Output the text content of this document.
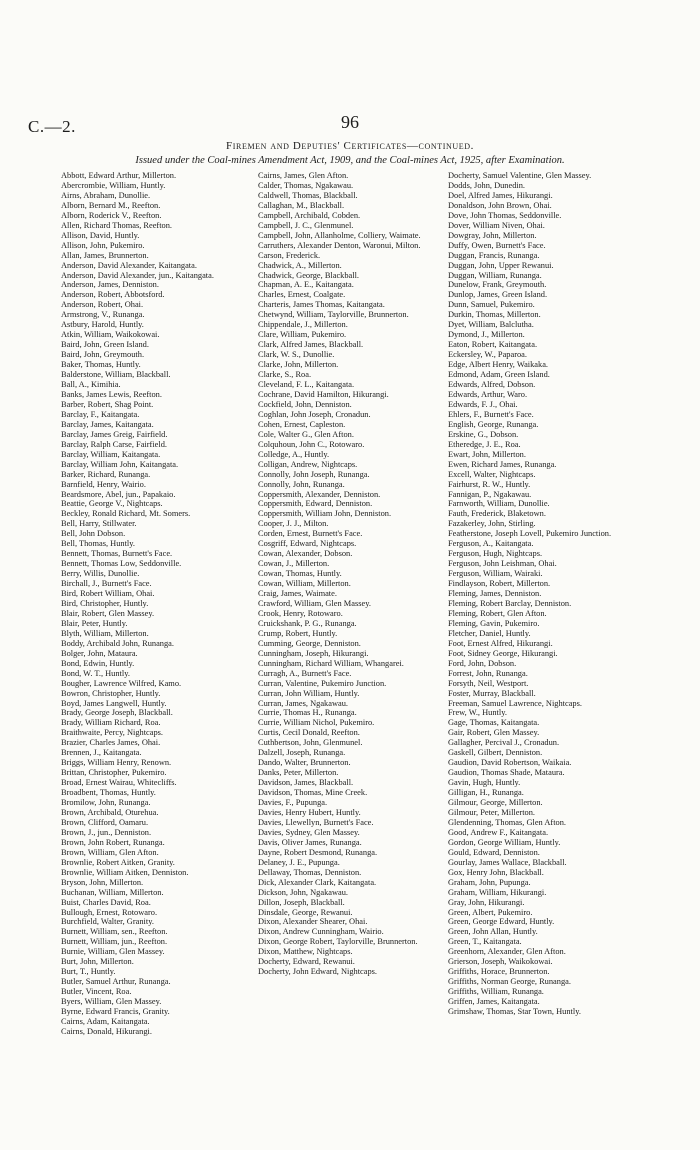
C.—2.	96
Firemen and Deputies' Certificates—continued.
Issued under the Coal-mines Amendment Act, 1909, and the Coal-mines Act, 1925, after Examination.
Abbott, Edward Arthur, Millerton.
Abercrombie, William, Huntly.
Airns, Abraham, Dunollie.
Alborn, Bernard M., Reefton.
Alborn, Roderick V., Reefton.
Allen, Richard Thomas, Reefton.
Allison, David, Huntly.
Allison, John, Pukemiro.
Allan, James, Brunnerton.
Anderson, David Alexander, Kaitangata.
Anderson, David Alexander, jun., Kaitangata.
Anderson, James, Denniston.
Anderson, Robert, Abbotsford.
Anderson, Robert, Ohai.
Armstrong, V., Runanga.
Astbury, Harold, Huntly.
Atkin, William, Waikokowai.
Baird, John, Green Island.
Baird, John, Greymouth.
Baker, Thomas, Huntly.
Balderstone, William, Blackball.
Ball, A., Kimihia.
Banks, James Lewis, Reefton.
Barber, Robert, Shag Point.
Barclay, F., Kaitangata.
Barclay, James, Kaitangata.
Barclay, James Greig, Fairfield.
Barclay, Ralph Carse, Fairfield.
Barclay, William, Kaitangata.
Barclay, William John, Kaitangata.
Barker, Richard, Runanga.
Barnfield, Henry, Wairio.
Beardsmore, Abel, jun., Papakaio.
Beattie, George V., Nightcaps.
Beckley, Ronald Richard, Mt. Somers.
Bell, Harry, Stillwater.
Bell, John Dobson.
Bell, Thomas, Huntly.
Bennett, Thomas, Burnett's Face.
Bennett, Thomas Low, Seddonville.
Berry, Willis, Dunollie.
Birchall, J., Burnett's Face.
Bird, Robert William, Ohai.
Bird, Christopher, Huntly.
Blair, Robert, Glen Massey.
Blair, Peter, Huntly.
Blyth, William, Millerton.
Boddy, Archibald John, Runanga.
Bolger, John, Mataura.
Bond, Edwin, Huntly.
Bond, W. T., Huntly.
Bougher, Lawrence Wilfred, Kamo.
Bowron, Christopher, Huntly.
Boyd, James Langwell, Huntly.
Brady, George Joseph, Blackball.
Brady, William Richard, Roa.
Braithwaite, Percy, Nightcaps.
Brazier, Charles James, Ohai.
Brennen, J., Kaitangata.
Briggs, William Henry, Renown.
Brittan, Christopher, Pukemiro.
Broad, Ernest Wairau, Whitecliffs.
Broadbent, Thomas, Huntly.
Bromilow, John, Runanga.
Brown, Archibald, Oturehua.
Brown, Clifford, Oamaru.
Brown, J., jun., Denniston.
Brown, John Robert, Runanga.
Brown, William, Glen Afton.
Brownlie, Robert Aitken, Granity.
Brownlie, William Aitken, Denniston.
Bryson, John, Millerton.
Buchanan, William, Millerton.
Buist, Charles David, Roa.
Bullough, Ernest, Rotowaro.
Burchfield, Walter, Granity.
Burnett, William, sen., Reefton.
Burnett, William, jun., Reefton.
Burnie, William, Glen Massey.
Burt, John, Millerton.
Burt, T., Huntly.
Butler, Samuel Arthur, Runanga.
Butler, Vincent, Roa.
Byers, William, Glen Massey.
Byrne, Edward Francis, Granity.
Cairns, Adam, Kaitangata.
Cairns, Donald, Hikurangi.
Cairns, James, Glen Afton.
Calder, Thomas, Ngakawau.
Caldwell, Thomas, Blackball.
Callaghan, M., Blackball.
Campbell, Archibald, Cobden.
Campbell, J. C., Glenmunel.
Campbell, John, Allanholme, Colliery, Waimate.
Carruthers, Alexander Denton, Waronui, Milton.
Carson, Frederick.
Chadwick, A., Millerton.
Chadwick, George, Blackball.
Chapman, A. E., Kaitangata.
Charles, Ernest, Coalgate.
Charteris, James Thomas, Kaitangata.
Chetwynd, William, Taylorville, Brunnerton.
Chippendale, J., Millerton.
Clare, William, Pukemiro.
Clark, Alfred James, Blackball.
Clark, W. S., Dunollie.
Clarke, John, Millerton.
Clarke, S., Roa.
Cleveland, F. L., Kaitangata.
Cochrane, David Hamilton, Hikurangi.
Cockfield, John, Denniston.
Coghlan, John Joseph, Cronadun.
Cohen, Ernest, Capleston.
Cole, Walter G., Glen Afton.
Colquhoun, John C., Rotowaro.
Colledge, A., Huntly.
Colligan, Andrew, Nightcaps.
Connolly, John Joseph, Runanga.
Connolly, John, Runanga.
Coppersmith, Alexander, Denniston.
Coppersmith, Edward, Denniston.
Coppersmith, William John, Denniston.
Cooper, J. J., Milton.
Corden, Ernest, Burnett's Face.
Cosgriff, Edward, Nightcaps.
Cowan, Alexander, Dobson.
Cowan, J., Millerton.
Cowan, Thomas, Huntly.
Cowan, William, Millerton.
Craig, James, Waimate.
Crawford, William, Glen Massey.
Crook, Henry, Rotowaro.
Cruickshank, P. G., Runanga.
Crump, Robert, Huntly.
Cumming, George, Denniston.
Cunningham, Joseph, Hikurangi.
Cunningham, Richard William, Whangarei.
Curragh, A., Burnett's Face.
Curran, Valentine, Pukemiro Junction.
Curran, John William, Huntly.
Curran, James, Ngakawau.
Currie, Thomas H., Runanga.
Currie, William Nichol, Pukemiro.
Curtis, Cecil Donald, Reefton.
Cuthbertson, John, Glenmunel.
Dalzell, Joseph, Runanga.
Dando, Walter, Brunnerton.
Danks, Peter, Millerton.
Davidson, James, Blackball.
Davidson, Thomas, Mine Creek.
Davies, F., Pupunga.
Davies, Henry Hubert, Huntly.
Davies, Llewellyn, Burnett's Face.
Davies, Sydney, Glen Massey.
Davis, Oliver James, Runanga.
Dayne, Robert Desmond, Runanga.
Delaney, J. E., Pupunga.
Dellaway, Thomas, Denniston.
Dick, Alexander Clark, Kaitangata.
Dickson, John, Ngakawau.
Dillon, Joseph, Blackball.
Dinsdale, George, Rewanui.
Dixon, Alexander Shearer, Ohai.
Dixon, Andrew Cunningham, Wairio.
Dixon, George Robert, Taylorville, Brunnerton.
Dixon, Matthew, Nightcaps.
Docherty, Edward, Rewanui.
Docherty, John Edward, Nightcaps.
Docherty, Samuel Valentine, Glen Massey.
Dodds, John, Dunedin.
Doel, Alfred James, Hikurangi.
Donaldson, John Brown, Ohai.
Dove, John Thomas, Seddonville.
Dover, William Niven, Ohai.
Dowgray, John, Millerton.
Duffy, Owen, Burnett's Face.
Duggan, Francis, Runanga.
Duggan, John, Upper Rewanui.
Duggan, William, Runanga.
Dunelow, Frank, Greymouth.
Dunlop, James, Green Island.
Dunn, Samuel, Pukemiro.
Durkin, Thomas, Millerton.
Dyet, William, Balclutha.
Dymond, J., Millerton.
Eaton, Robert, Kaitangata.
Eckersley, W., Paparoa.
Edge, Albert Henry, Waikaka.
Edmond, Adam, Green Island.
Edwards, Alfred, Dobson.
Edwards, Arthur, Waro.
Edwards, F. J., Ohai.
Ehlers, F., Burnett's Face.
English, George, Runanga.
Erskine, G., Dobson.
Etheredge, J. E., Roa.
Ewart, John, Millerton.
Ewen, Richard James, Runanga.
Excell, Walter, Nightcaps.
Fairhurst, R. W., Huntly.
Fannigan, P., Ngakawau.
Farnworth, William, Dunollie.
Fauth, Frederick, Blaketown.
Fazakerley, John, Stirling.
Featherstone, Joseph Lovell, Pukemiro Junction.
Ferguson, A., Kaitangata.
Ferguson, Hugh, Nightcaps.
Ferguson, John Leishman, Ohai.
Ferguson, William, Wairaki.
Findlayson, Robert, Millerton.
Fleming, James, Denniston.
Fleming, Robert Barclay, Denniston.
Fleming, Robert, Glen Afton.
Fleming, Gavin, Pukemiro.
Fletcher, Daniel, Huntly.
Foot, Ernest Alfred, Hikurangi.
Foot, Sidney George, Hikurangi.
Ford, John, Dobson.
Forrest, John, Runanga.
Forsyth, Neil, Westport.
Foster, Murray, Blackball.
Freeman, Samuel Lawrence, Nightcaps.
Frew, W., Huntly.
Gage, Thomas, Kaitangata.
Gair, Robert, Glen Massey.
Gallagher, Percival J., Cronadun.
Gaskell, Gilbert, Denniston.
Gaudion, David Robertson, Waikaia.
Gaudion, Thomas Shade, Mataura.
Gavin, Hugh, Huntly.
Gilligan, H., Runanga.
Gilmour, George, Millerton.
Gilmour, Peter, Millerton.
Glendenning, Thomas, Glen Afton.
Good, Andrew F., Kaitangata.
Gordon, George William, Huntly.
Gould, Edward, Denniston.
Gourlay, James Wallace, Blackball.
Gox, Henry John, Blackball.
Graham, John, Pupunga.
Graham, William, Hikurangi.
Gray, John, Hikurangi.
Green, Albert, Pukemiro.
Green, George Edward, Huntly.
Green, John Allan, Huntly.
Green, T., Kaitangata.
Greenhorn, Alexander, Glen Afton.
Grierson, Joseph, Waikokowai.
Griffiths, Horace, Brunnerton.
Griffiths, Norman George, Runanga.
Griffiths, William, Runanga.
Griffen, James, Kaitangata.
Grimshaw, Thomas, Star Town, Huntly.
